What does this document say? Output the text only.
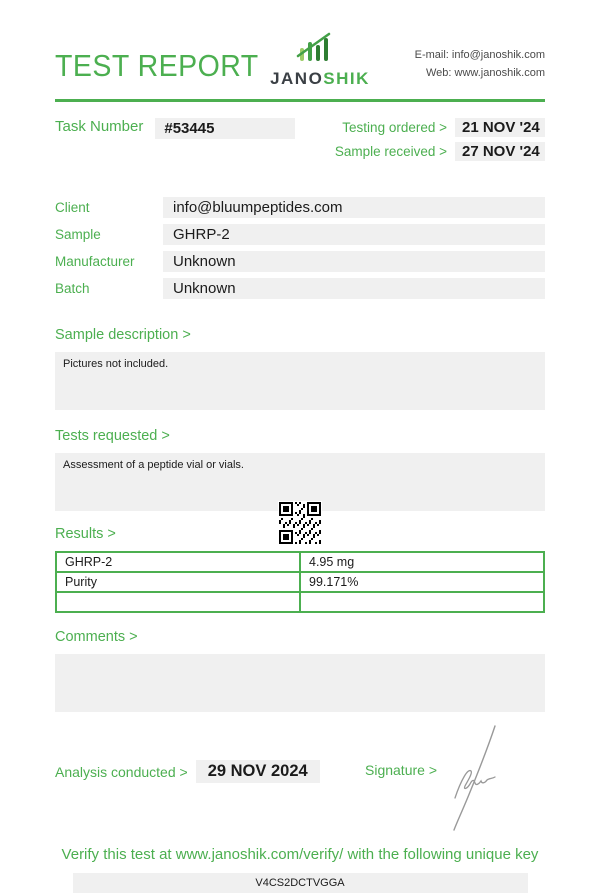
TEST REPORT JANOSHIK
E-mail: info@janoshik.com
Web: www.janoshik.com
Task Number	#53445	Testing ordered >	21 NOV '24
Sample received >	27 NOV '24
Client	info@bluumpeptides.com
Sample	GHRP-2
Manufacturer	Unknown
Batch	Unknown
Sample description >
Pictures not included.
Tests requested >
Assessment of a peptide vial or vials.
Results >
GHRP-2	4.95 mg
Purity	99.171%

Comments >
Analysis conducted >	29 NOV 2024	Signature >
Verify this test at www.janoshik.com/verify/ with the following unique key
V4CS2DCTVGGA
